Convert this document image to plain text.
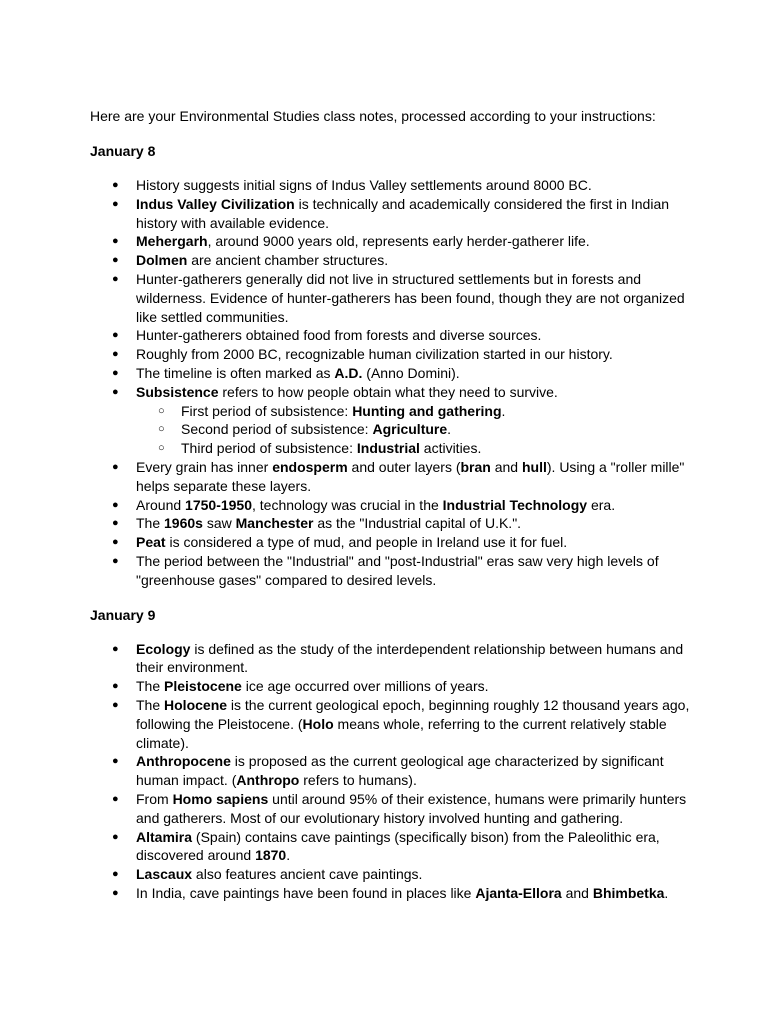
Here are your Environmental Studies class notes, processed according to your instructions:

January 8
● History suggests initial signs of Indus Valley settlements around 8000 BC.
● Indus Valley Civilization is technically and academically considered the first in Indian history with available evidence.
● Mehergarh, around 9000 years old, represents early herder-gatherer life.
● Dolmen are ancient chamber structures.
● Hunter-gatherers generally did not live in structured settlements but in forests and wilderness. Evidence of hunter-gatherers has been found, though they are not organized like settled communities.
● Hunter-gatherers obtained food from forests and diverse sources.
● Roughly from 2000 BC, recognizable human civilization started in our history.
● The timeline is often marked as A.D. (Anno Domini).
● Subsistence refers to how people obtain what they need to survive.
○ First period of subsistence: Hunting and gathering.
○ Second period of subsistence: Agriculture.
○ Third period of subsistence: Industrial activities.
● Every grain has inner endosperm and outer layers (bran and hull). Using a "roller mille" helps separate these layers.
● Around 1750-1950, technology was crucial in the Industrial Technology era.
● The 1960s saw Manchester as the "Industrial capital of U.K.".
● Peat is considered a type of mud, and people in Ireland use it for fuel.
● The period between the "Industrial" and "post-Industrial" eras saw very high levels of "greenhouse gases" compared to desired levels.
January 9
● Ecology is defined as the study of the interdependent relationship between humans and their environment.
● The Pleistocene ice age occurred over millions of years.
● The Holocene is the current geological epoch, beginning roughly 12 thousand years ago, following the Pleistocene. (Holo means whole, referring to the current relatively stable climate).
● Anthropocene is proposed as the current geological age characterized by significant human impact. (Anthropo refers to humans).
● From Homo sapiens until around 95% of their existence, humans were primarily hunters and gatherers. Most of our evolutionary history involved hunting and gathering.
● Altamira (Spain) contains cave paintings (specifically bison) from the Paleolithic era, discovered around 1870.
● Lascaux also features ancient cave paintings.
● In India, cave paintings have been found in places like Ajanta-Ellora and Bhimbetka.
